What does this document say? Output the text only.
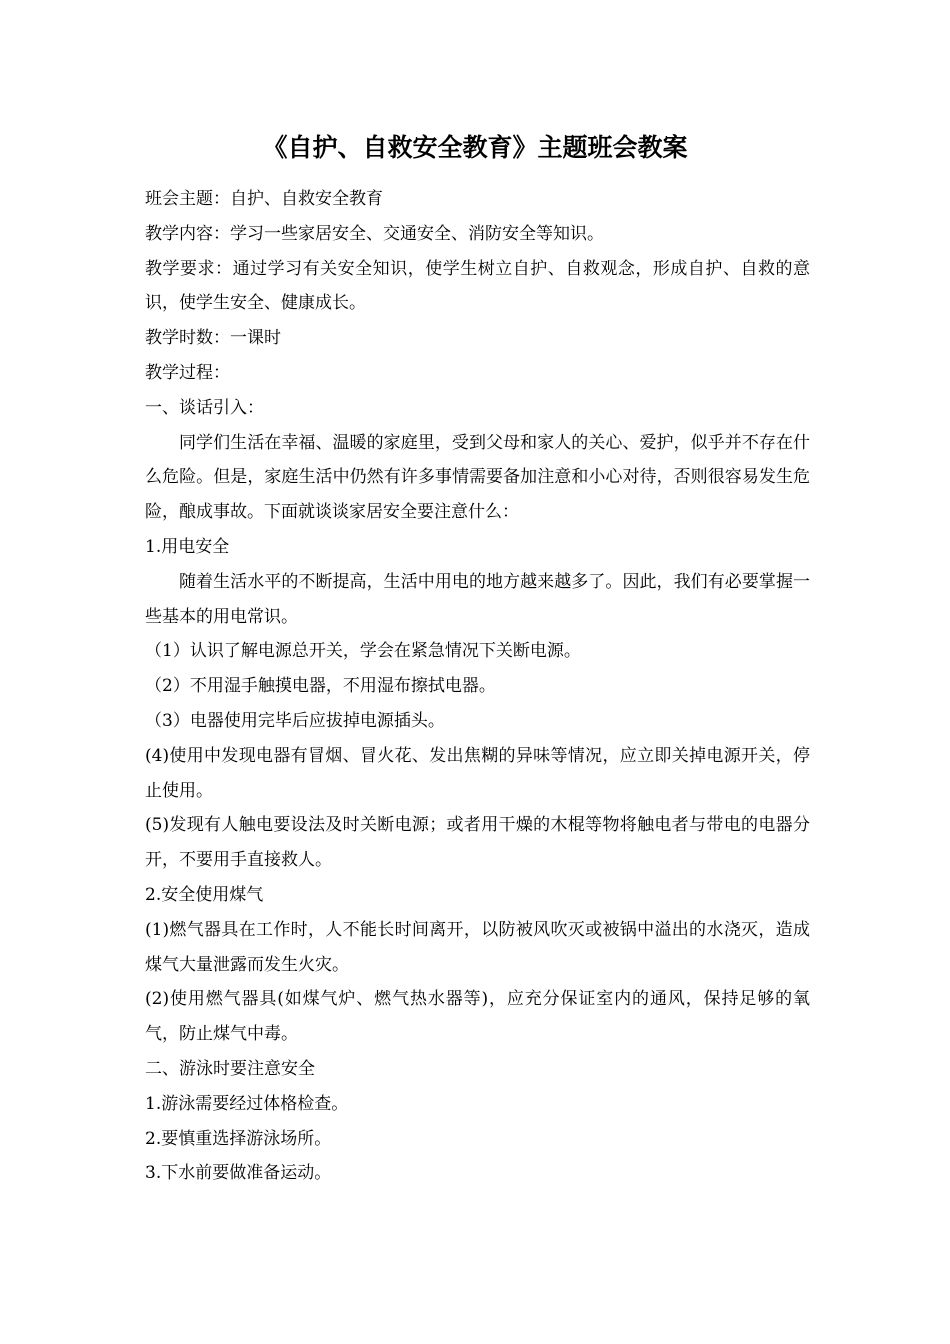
《自护、自救安全教育》主题班会教案

班会主题：自护、自救安全教育

教学内容：学习一些家居安全、交通安全、消防安全等知识。

教学要求：通过学习有关安全知识，使学生树立自护、自救观念，形成自护、自救的意识，使学生安全、健康成长。

教学时数：一课时

教学过程：

一、谈话引入：

同学们生活在幸福、温暖的家庭里，受到父母和家人的关心、爱护，似乎并不存在什么危险。但是，家庭生活中仍然有许多事情需要备加注意和小心对待，否则很容易发生危险，酿成事故。下面就谈谈家居安全要注意什么：

1.用电安全

随着生活水平的不断提高，生活中用电的地方越来越多了。因此，我们有必要掌握一些基本的用电常识。

（1）认识了解电源总开关，学会在紧急情况下关断电源。

（2）不用湿手触摸电器，不用湿布擦拭电器。

（3）电器使用完毕后应拔掉电源插头。

(4)使用中发现电器有冒烟、冒火花、发出焦糊的异味等情况，应立即关掉电源开关，停止使用。

(5)发现有人触电要设法及时关断电源；或者用干燥的木棍等物将触电者与带电的电器分开，不要用手直接救人。

2.安全使用煤气

(1)燃气器具在工作时，人不能长时间离开，以防被风吹灭或被锅中溢出的水浇灭，造成煤气大量泄露而发生火灾。

(2)使用燃气器具(如煤气炉、燃气热水器等)，应充分保证室内的通风，保持足够的氧气，防止煤气中毒。

二、游泳时要注意安全

1.游泳需要经过体格检查。

2.要慎重选择游泳场所。

3.下水前要做准备运动。
